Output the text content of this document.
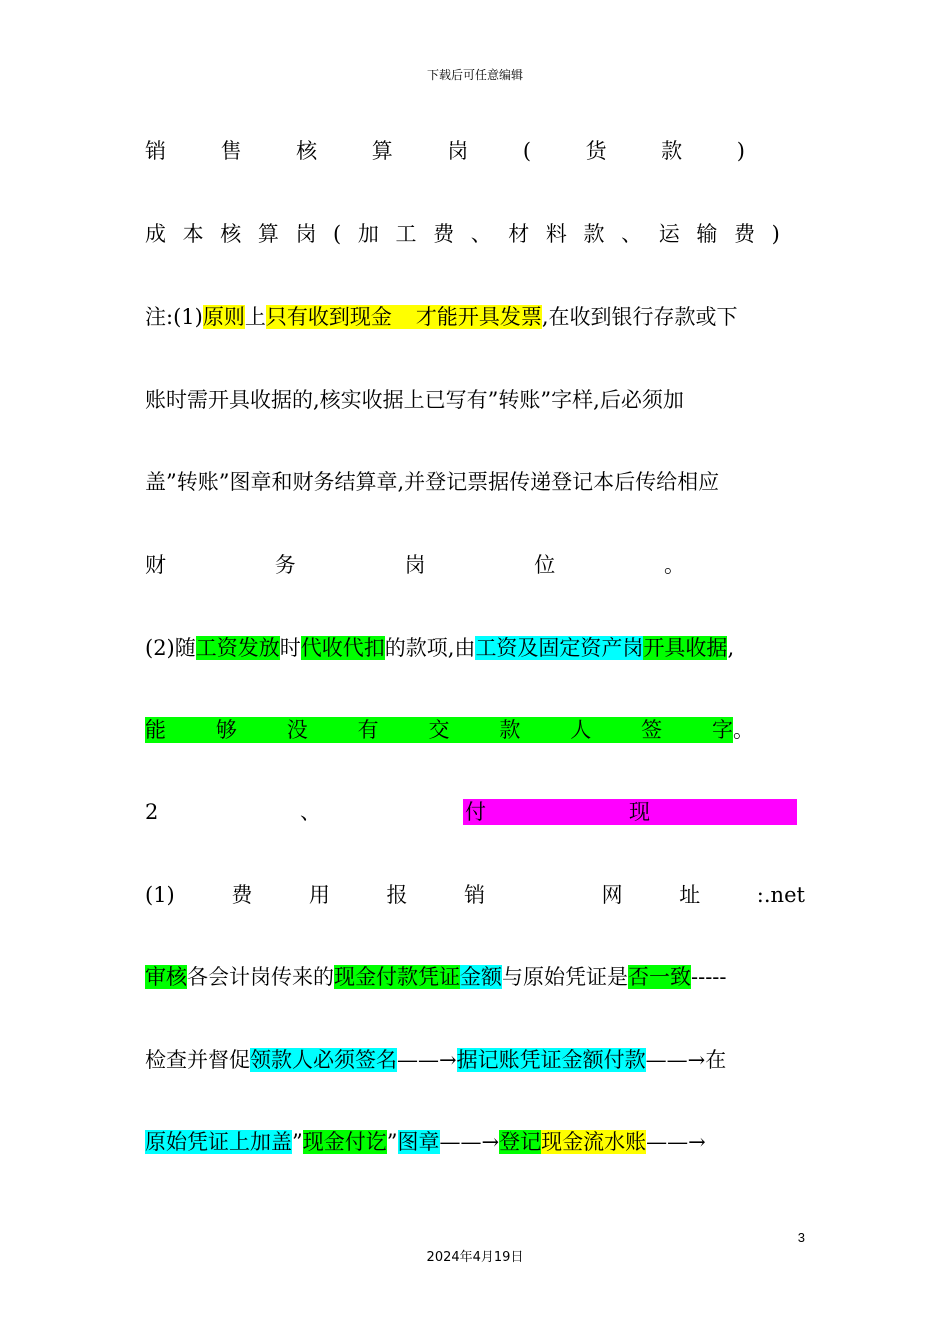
下载后可任意编辑
销	售	核	算	岗	(	货	款	)
成 本 核 算 岗 ( 加 工 费 、 材 料 款 、 运 输 费 )
注:(1)原则上只有收到现金 才能开具发票,在收到银行存款或下
账时需开具收据的,核实收据上已写有”转账”字样,后必须加
盖”转账”图章和财务结算章,并登记票据传递登记本后传给相应
财	务	岗	位	。
(2)随工资发放时代收代扣的款项,由工资及固定资产岗开具收据,
能 够 没 有 交 款 人 签 字 。
2	、	付	现
(1)	费	用	报	销	网	址	:.net
审核各会计岗传来的现金付款凭证金额与原始凭证是否一致-----
检查并督促领款人必须签名——→据记账凭证金额付款——→在
原始凭证上加盖”现金付讫”图章——→登记现金流水账——→
3
2024年4月19日
